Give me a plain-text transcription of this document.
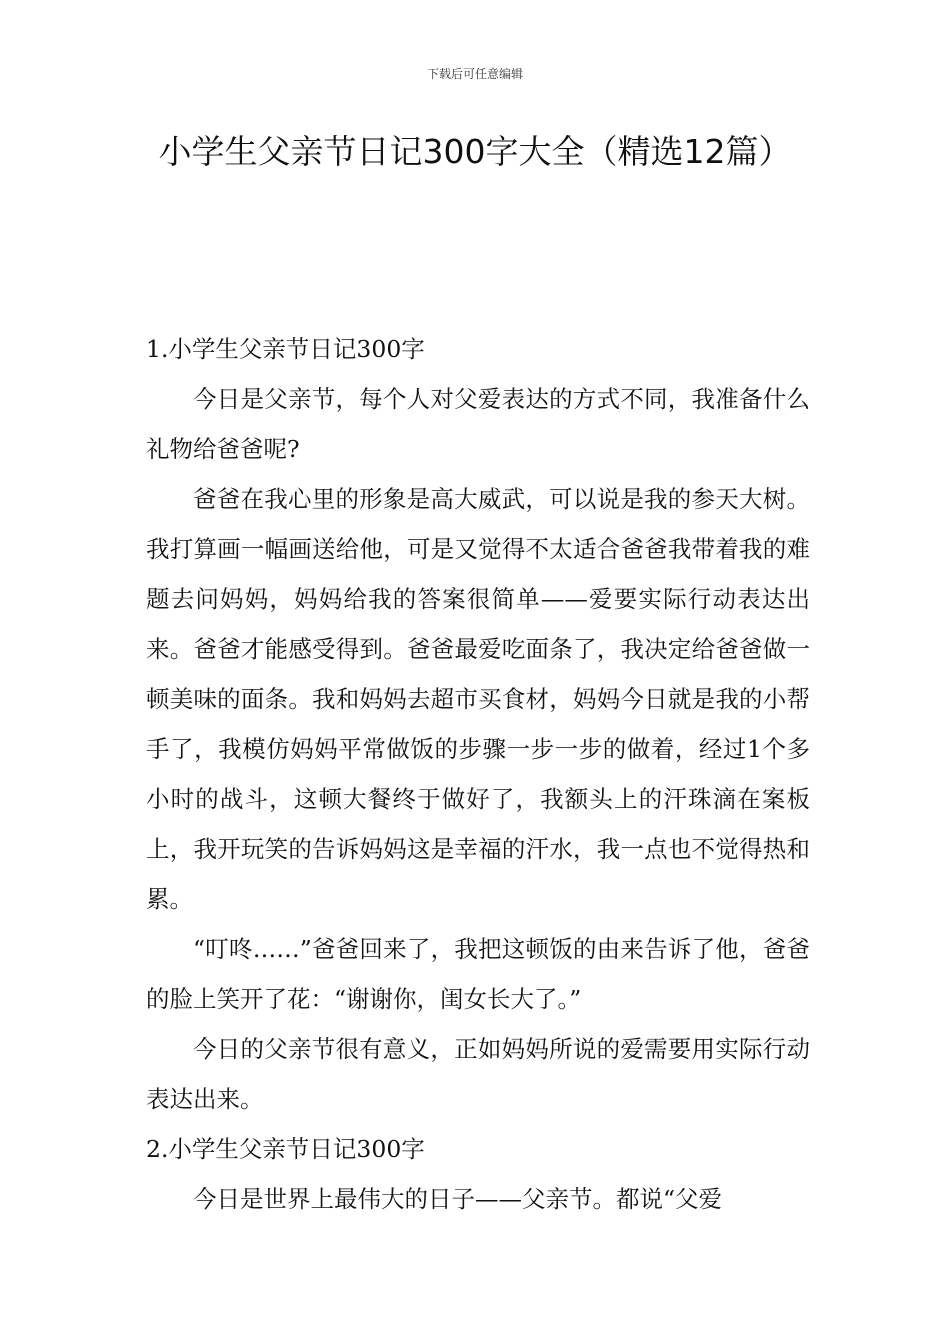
下载后可任意编辑
小学生父亲节日记300字大全（精选12篇）

1.小学生父亲节日记300字

今日是父亲节，每个人对父爱表达的方式不同，我准备什么礼物给爸爸呢?

爸爸在我心里的形象是高大威武，可以说是我的参天大树。我打算画一幅画送给他，可是又觉得不太适合爸爸我带着我的难题去问妈妈，妈妈给我的答案很简单——爱要实际行动表达出来。爸爸才能感受得到。爸爸最爱吃面条了，我决定给爸爸做一顿美味的面条。我和妈妈去超市买食材，妈妈今日就是我的小帮手了，我模仿妈妈平常做饭的步骤一步一步的做着，经过1个多小时的战斗，这顿大餐终于做好了，我额头上的汗珠滴在案板上，我开玩笑的告诉妈妈这是幸福的汗水，我一点也不觉得热和累。

“叮咚……”爸爸回来了，我把这顿饭的由来告诉了他，爸爸的脸上笑开了花：“谢谢你，闺女长大了。”

今日的父亲节很有意义，正如妈妈所说的爱需要用实际行动表达出来。

2.小学生父亲节日记300字

今日是世界上最伟大的日子——父亲节。都说“父爱
